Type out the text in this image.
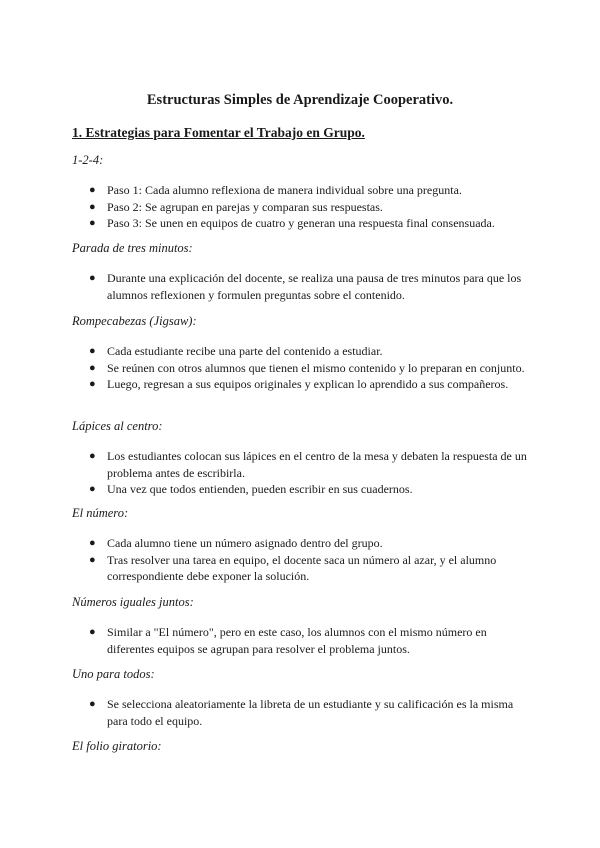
Estructuras Simples de Aprendizaje Cooperativo.
1. Estrategias para Fomentar el Trabajo en Grupo.

1-2-4:

● Paso 1: Cada alumno reflexiona de manera individual sobre una pregunta.
● Paso 2: Se agrupan en parejas y comparan sus respuestas.
● Paso 3: Se unen en equipos de cuatro y generan una respuesta final consensuada.

Parada de tres minutos:

● Durante una explicación del docente, se realiza una pausa de tres minutos para que los alumnos reflexionen y formulen preguntas sobre el contenido.

Rompecabezas (Jigsaw):

● Cada estudiante recibe una parte del contenido a estudiar.
● Se reúnen con otros alumnos que tienen el mismo contenido y lo preparan en conjunto.
● Luego, regresan a sus equipos originales y explican lo aprendido a sus compañeros.

Lápices al centro:

● Los estudiantes colocan sus lápices en el centro de la mesa y debaten la respuesta de un problema antes de escribirla.
● Una vez que todos entienden, pueden escribir en sus cuadernos.

El número:

● Cada alumno tiene un número asignado dentro del grupo.
● Tras resolver una tarea en equipo, el docente saca un número al azar, y el alumno correspondiente debe exponer la solución.

Números iguales juntos:

● Similar a "El número", pero en este caso, los alumnos con el mismo número en diferentes equipos se agrupan para resolver el problema juntos.

Uno para todos:

● Se selecciona aleatoriamente la libreta de un estudiante y su calificación es la misma para todo el equipo.

El folio giratorio:
